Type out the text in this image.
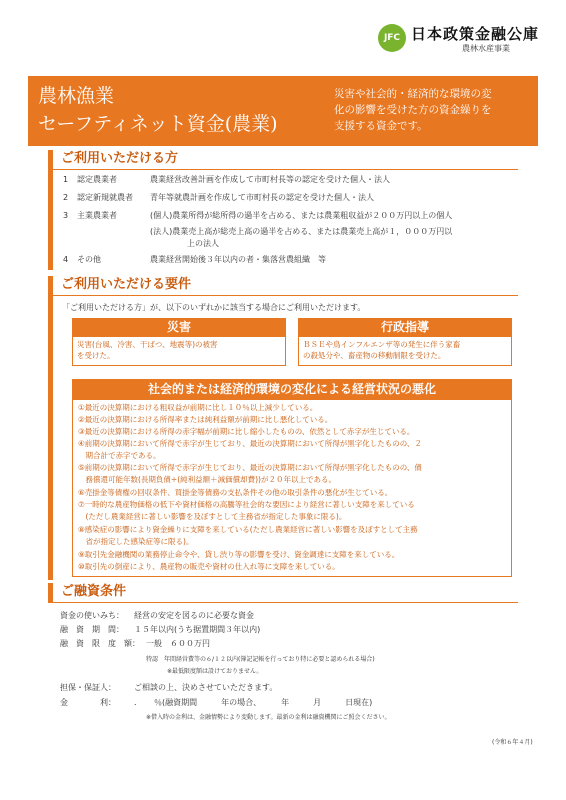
JFC 日本政策金融公庫
農林水産事業
農林漁業
セーフティネット資金(農業)
災害や社会的・経済的な環境の変
化の影響を受けた方の資金繰りを
支援する資金です。
ご利用いただける方
1 認定農業者	農業経営改善計画を作成して市町村長等の認定を受けた個人・法人
2 認定新規就農者 青年等就農計画を作成して市町村長の認定を受けた個人・法人
3 主業農業者	(個人)農業所得が総所得の過半を占める、または農業粗収益が２００万円以上の個人
(法人)農業売上高が総売上高の過半を占める、または農業売上高が１，０００万円以
上の法人
4 その他	農業経営開始後３年以内の者・集落営農組織　等
ご利用いただける要件
「ご利用いただける方」が、以下のいずれかに該当する場合にご利用いただけます。
災害
災害(台風、冷害、干ばつ、地震等)の被害
を受けた。
行政指導
ＢＳＥや鳥インフルエンザ等の発生に伴う家畜
の殺処分や、畜産物の移動制限を受けた。
社会的または経済的環境の変化による経営状況の悪化
①最近の決算期における粗収益が前期に比し１０％以上減少している。
②最近の決算期における所得率または純利益額が前期に比し悪化している。
③最近の決算期における所得の赤字幅が前期に比し縮小したものの、依然として赤字が生じている。
④前期の決算期において所得で赤字が生じており、最近の決算期において所得が黒字化したものの、２
　期合計で赤字である。
⑤前期の決算期において所得で赤字が生じており、最近の決算期において所得が黒字化したものの、債
　務償還可能年数(長期負債÷(純利益額＋減価償却費))が２０年以上である。
⑥売掛金等債権の回収条件、買掛金等債務の支払条件その他の取引条件の悪化が生じている。
⑦一時的な農産物価格の低下や資材価格の高騰等社会的な要因により経営に著しい支障を来している
　(ただし農業経営に著しい影響を及ぼすとして主務省が指定した事象に限る)。
⑧感染症の影響により資金繰りに支障を来している(ただし農業経営に著しい影響を及ぼすとして主務
　省が指定した感染症等に限る)。
⑨取引先金融機関の業務停止命令や、貸し渋り等の影響を受け、資金調達に支障を来している。
⑩取引先の倒産により、農産物の販売や資材の仕入れ等に支障を来している。
ご融資条件
資金の使いみち： 経営の安定を図るのに必要な資金
融　資　期　間： １５年以内(うち据置期間３年以内)
融　資　限　度　額： 一般　６００万円
特認　年間経営費等の６/１２以内(簿記記帳を行っており特に必要と認められる場合)
※最低限度額は設けておりません。
担保・保証人： ご相談の上、決めさせていただきます。
金　　　　利： ．　　％(融資期間　　　年の場合、　　　年　　　月　　　日現在)
※借入時の金利は、金融情勢により変動します。最新の金利は融資機関にご照会ください。
(令和６年４月)
